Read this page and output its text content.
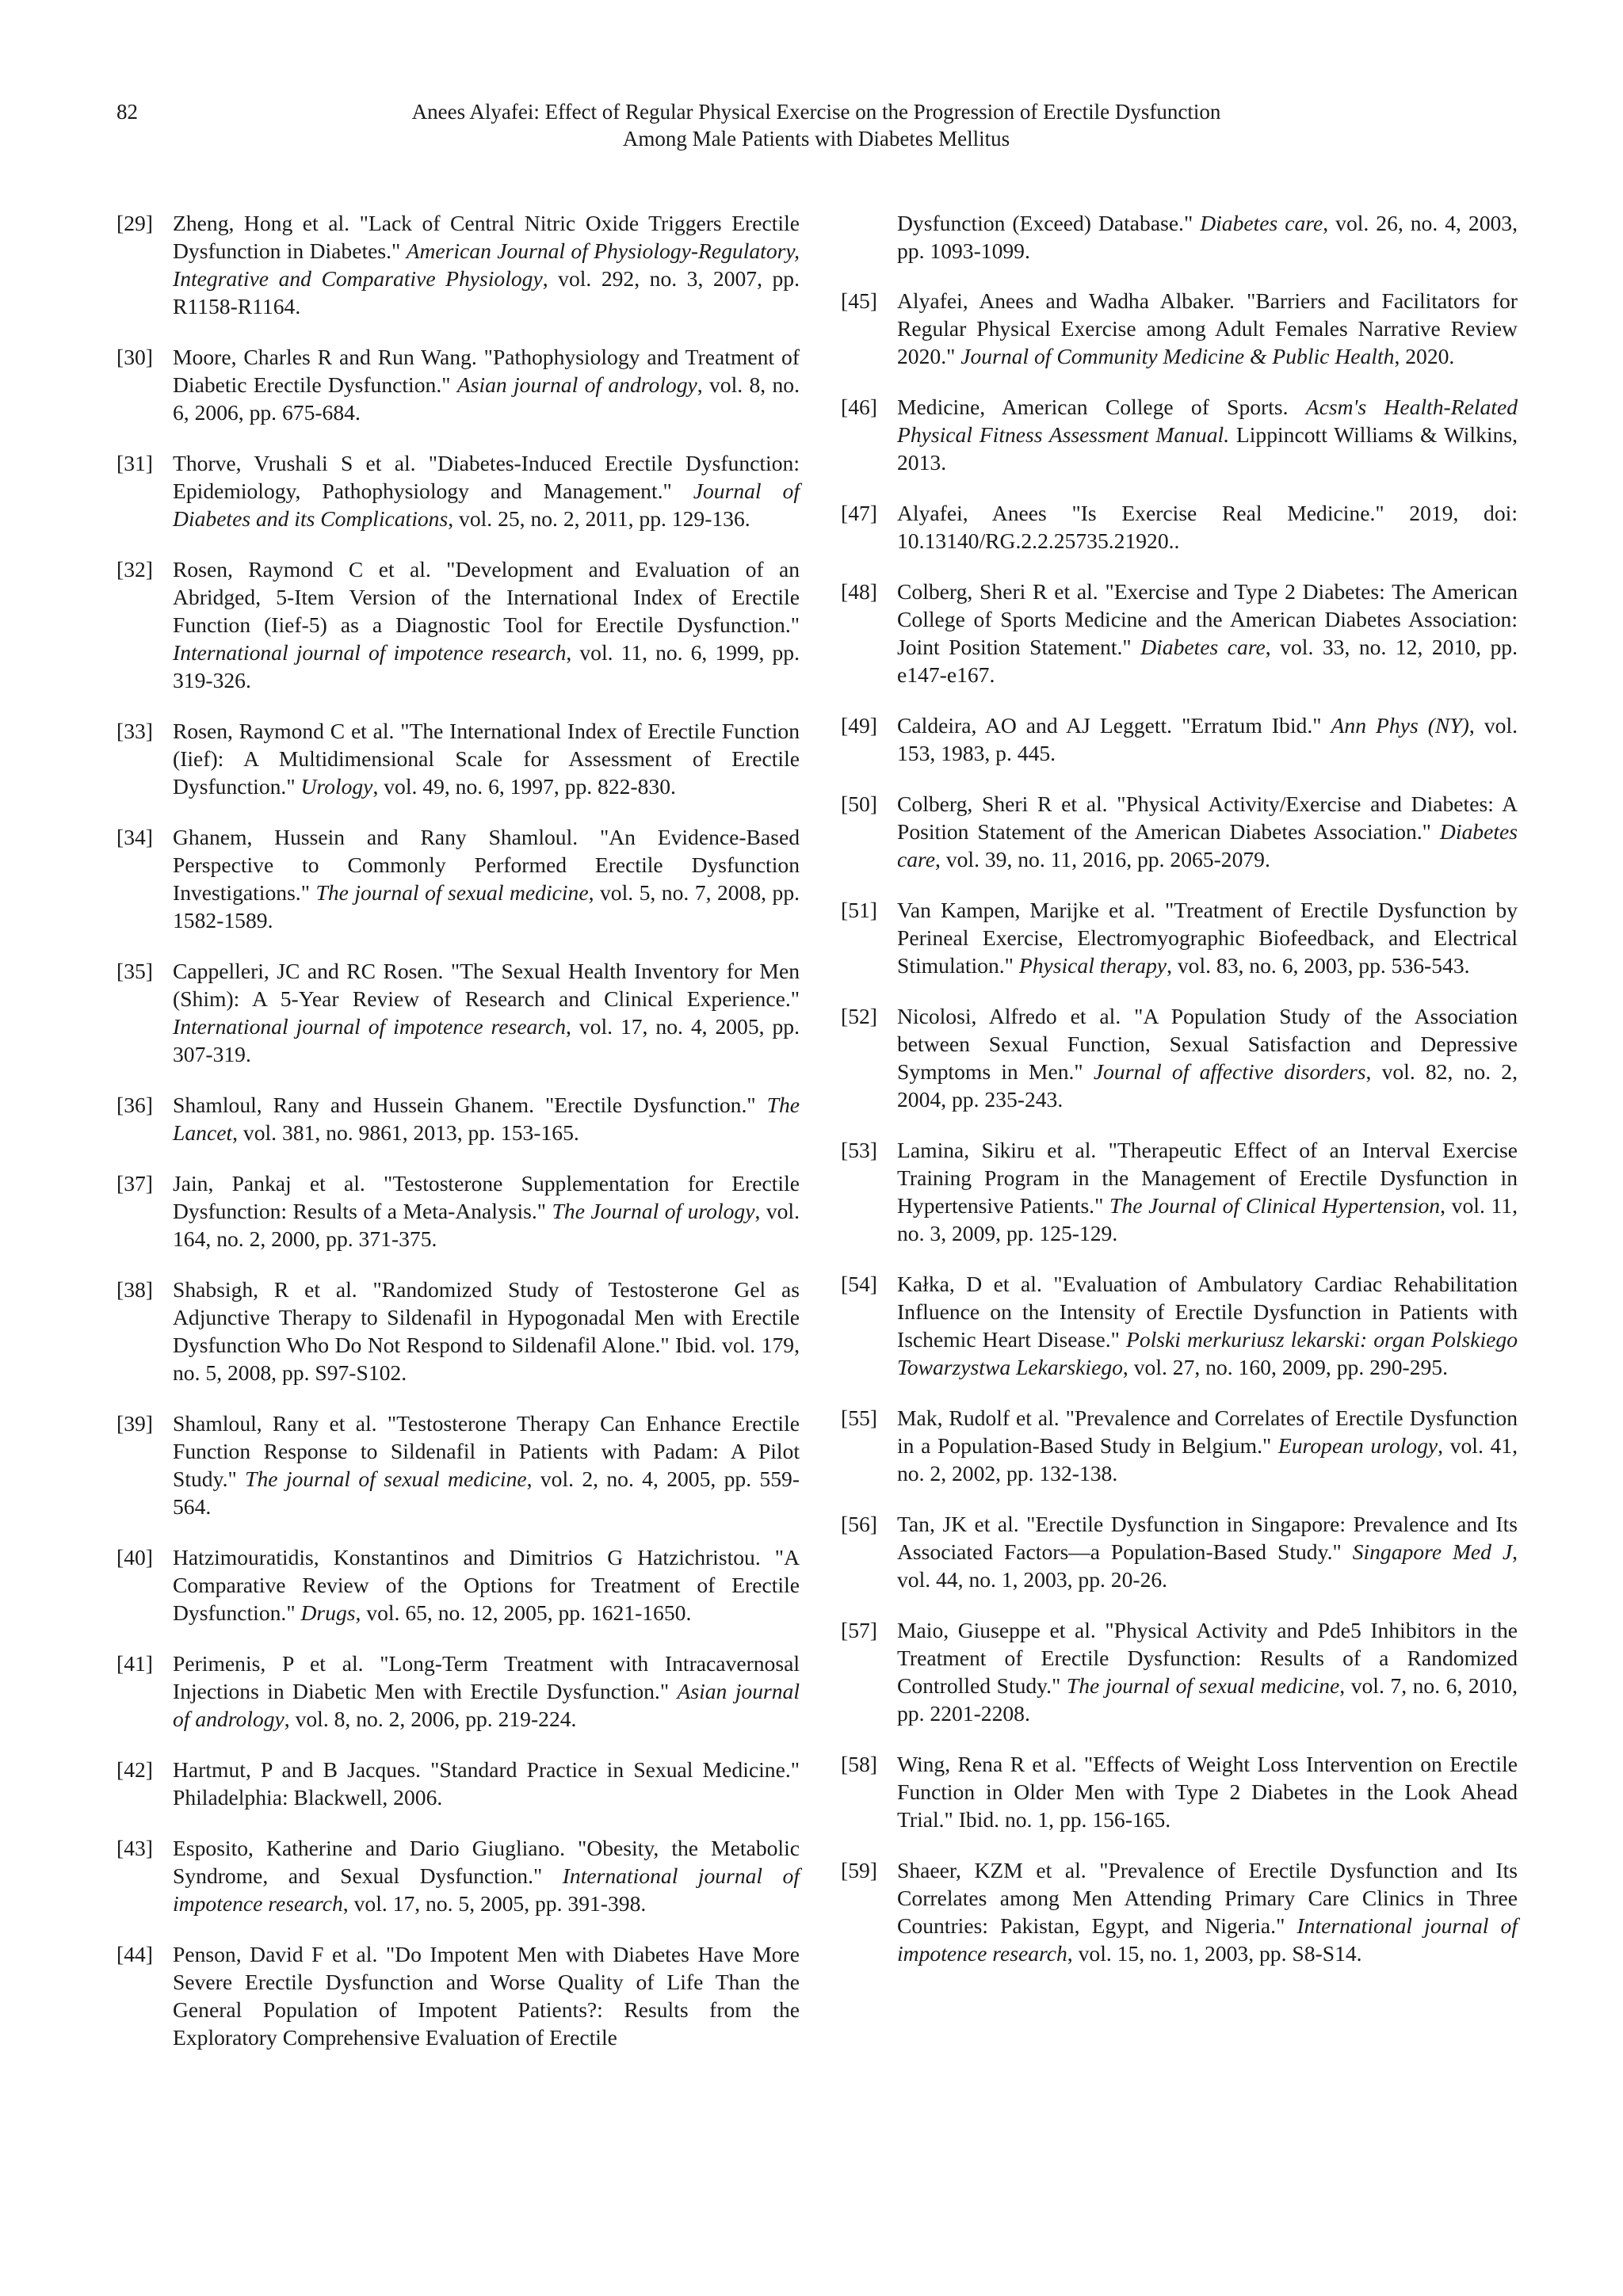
82	Anees Alyafei: Effect of Regular Physical Exercise on the Progression of Erectile Dysfunction
Among Male Patients with Diabetes Mellitus
[29] Zheng, Hong et al. "Lack of Central Nitric Oxide Triggers Erectile Dysfunction in Diabetes." American Journal of Physiology-Regulatory, Integrative and Comparative Physiology, vol. 292, no. 3, 2007, pp. R1158-R1164.
[30] Moore, Charles R and Run Wang. "Pathophysiology and Treatment of Diabetic Erectile Dysfunction." Asian journal of andrology, vol. 8, no. 6, 2006, pp. 675-684.
[31] Thorve, Vrushali S et al. "Diabetes-Induced Erectile Dysfunction: Epidemiology, Pathophysiology and Management." Journal of Diabetes and its Complications, vol. 25, no. 2, 2011, pp. 129-136.
[32] Rosen, Raymond C et al. "Development and Evaluation of an Abridged, 5-Item Version of the International Index of Erectile Function (Iief-5) as a Diagnostic Tool for Erectile Dysfunction." International journal of impotence research, vol. 11, no. 6, 1999, pp. 319-326.
[33] Rosen, Raymond C et al. "The International Index of Erectile Function (Iief): A Multidimensional Scale for Assessment of Erectile Dysfunction." Urology, vol. 49, no. 6, 1997, pp. 822-830.
[34] Ghanem, Hussein and Rany Shamloul. "An Evidence-Based Perspective to Commonly Performed Erectile Dysfunction Investigations." The journal of sexual medicine, vol. 5, no. 7, 2008, pp. 1582-1589.
[35] Cappelleri, JC and RC Rosen. "The Sexual Health Inventory for Men (Shim): A 5-Year Review of Research and Clinical Experience." International journal of impotence research, vol. 17, no. 4, 2005, pp. 307-319.
[36] Shamloul, Rany and Hussein Ghanem. "Erectile Dysfunction." The Lancet, vol. 381, no. 9861, 2013, pp. 153-165.
[37] Jain, Pankaj et al. "Testosterone Supplementation for Erectile Dysfunction: Results of a Meta-Analysis." The Journal of urology, vol. 164, no. 2, 2000, pp. 371-375.
[38] Shabsigh, R et al. "Randomized Study of Testosterone Gel as Adjunctive Therapy to Sildenafil in Hypogonadal Men with Erectile Dysfunction Who Do Not Respond to Sildenafil Alone." Ibid. vol. 179, no. 5, 2008, pp. S97-S102.
[39] Shamloul, Rany et al. "Testosterone Therapy Can Enhance Erectile Function Response to Sildenafil in Patients with Padam: A Pilot Study." The journal of sexual medicine, vol. 2, no. 4, 2005, pp. 559-564.
[40] Hatzimouratidis, Konstantinos and Dimitrios G Hatzichristou. "A Comparative Review of the Options for Treatment of Erectile Dysfunction." Drugs, vol. 65, no. 12, 2005, pp. 1621-1650.
[41] Perimenis, P et al. "Long‐Term Treatment with Intracavernosal Injections in Diabetic Men with Erectile Dysfunction." Asian journal of andrology, vol. 8, no. 2, 2006, pp. 219-224.
[42] Hartmut, P and B Jacques. "Standard Practice in Sexual Medicine." Philadelphia: Blackwell, 2006.
[43] Esposito, Katherine and Dario Giugliano. "Obesity, the Metabolic Syndrome, and Sexual Dysfunction." International journal of impotence research, vol. 17, no. 5, 2005, pp. 391-398.
[44] Penson, David F et al. "Do Impotent Men with Diabetes Have More Severe Erectile Dysfunction and Worse Quality of Life Than the General Population of Impotent Patients?: Results from the Exploratory Comprehensive Evaluation of Erectile
Dysfunction (Exceed) Database." Diabetes care, vol. 26, no. 4, 2003, pp. 1093-1099.
[45] Alyafei, Anees and Wadha Albaker. "Barriers and Facilitators for Regular Physical Exercise among Adult Females Narrative Review 2020." Journal of Community Medicine & Public Health, 2020.
[46] Medicine, American College of Sports. Acsm's Health-Related Physical Fitness Assessment Manual. Lippincott Williams & Wilkins, 2013.
[47] Alyafei, Anees "Is Exercise Real Medicine." 2019, doi: 10.13140/RG.2.2.25735.21920..
[48] Colberg, Sheri R et al. "Exercise and Type 2 Diabetes: The American College of Sports Medicine and the American Diabetes Association: Joint Position Statement." Diabetes care, vol. 33, no. 12, 2010, pp. e147-e167.
[49] Caldeira, AO and AJ Leggett. "Erratum Ibid." Ann Phys (NY), vol. 153, 1983, p. 445.
[50] Colberg, Sheri R et al. "Physical Activity/Exercise and Diabetes: A Position Statement of the American Diabetes Association." Diabetes care, vol. 39, no. 11, 2016, pp. 2065-2079.
[51] Van Kampen, Marijke et al. "Treatment of Erectile Dysfunction by Perineal Exercise, Electromyographic Biofeedback, and Electrical Stimulation." Physical therapy, vol. 83, no. 6, 2003, pp. 536-543.
[52] Nicolosi, Alfredo et al. "A Population Study of the Association between Sexual Function, Sexual Satisfaction and Depressive Symptoms in Men." Journal of affective disorders, vol. 82, no. 2, 2004, pp. 235-243.
[53] Lamina, Sikiru et al. "Therapeutic Effect of an Interval Exercise Training Program in the Management of Erectile Dysfunction in Hypertensive Patients." The Journal of Clinical Hypertension, vol. 11, no. 3, 2009, pp. 125-129.
[54] Kałka, D et al. "Evaluation of Ambulatory Cardiac Rehabilitation Influence on the Intensity of Erectile Dysfunction in Patients with Ischemic Heart Disease." Polski merkuriusz lekarski: organ Polskiego Towarzystwa Lekarskiego, vol. 27, no. 160, 2009, pp. 290-295.
[55] Mak, Rudolf et al. "Prevalence and Correlates of Erectile Dysfunction in a Population-Based Study in Belgium." European urology, vol. 41, no. 2, 2002, pp. 132-138.
[56] Tan, JK et al. "Erectile Dysfunction in Singapore: Prevalence and Its Associated Factors—a Population-Based Study." Singapore Med J, vol. 44, no. 1, 2003, pp. 20-26.
[57] Maio, Giuseppe et al. "Physical Activity and Pde5 Inhibitors in the Treatment of Erectile Dysfunction: Results of a Randomized Controlled Study." The journal of sexual medicine, vol. 7, no. 6, 2010, pp. 2201-2208.
[58] Wing, Rena R et al. "Effects of Weight Loss Intervention on Erectile Function in Older Men with Type 2 Diabetes in the Look Ahead Trial." Ibid. no. 1, pp. 156-165.
[59] Shaeer, KZM et al. "Prevalence of Erectile Dysfunction and Its Correlates among Men Attending Primary Care Clinics in Three Countries: Pakistan, Egypt, and Nigeria." International journal of impotence research, vol. 15, no. 1, 2003, pp. S8-S14.
